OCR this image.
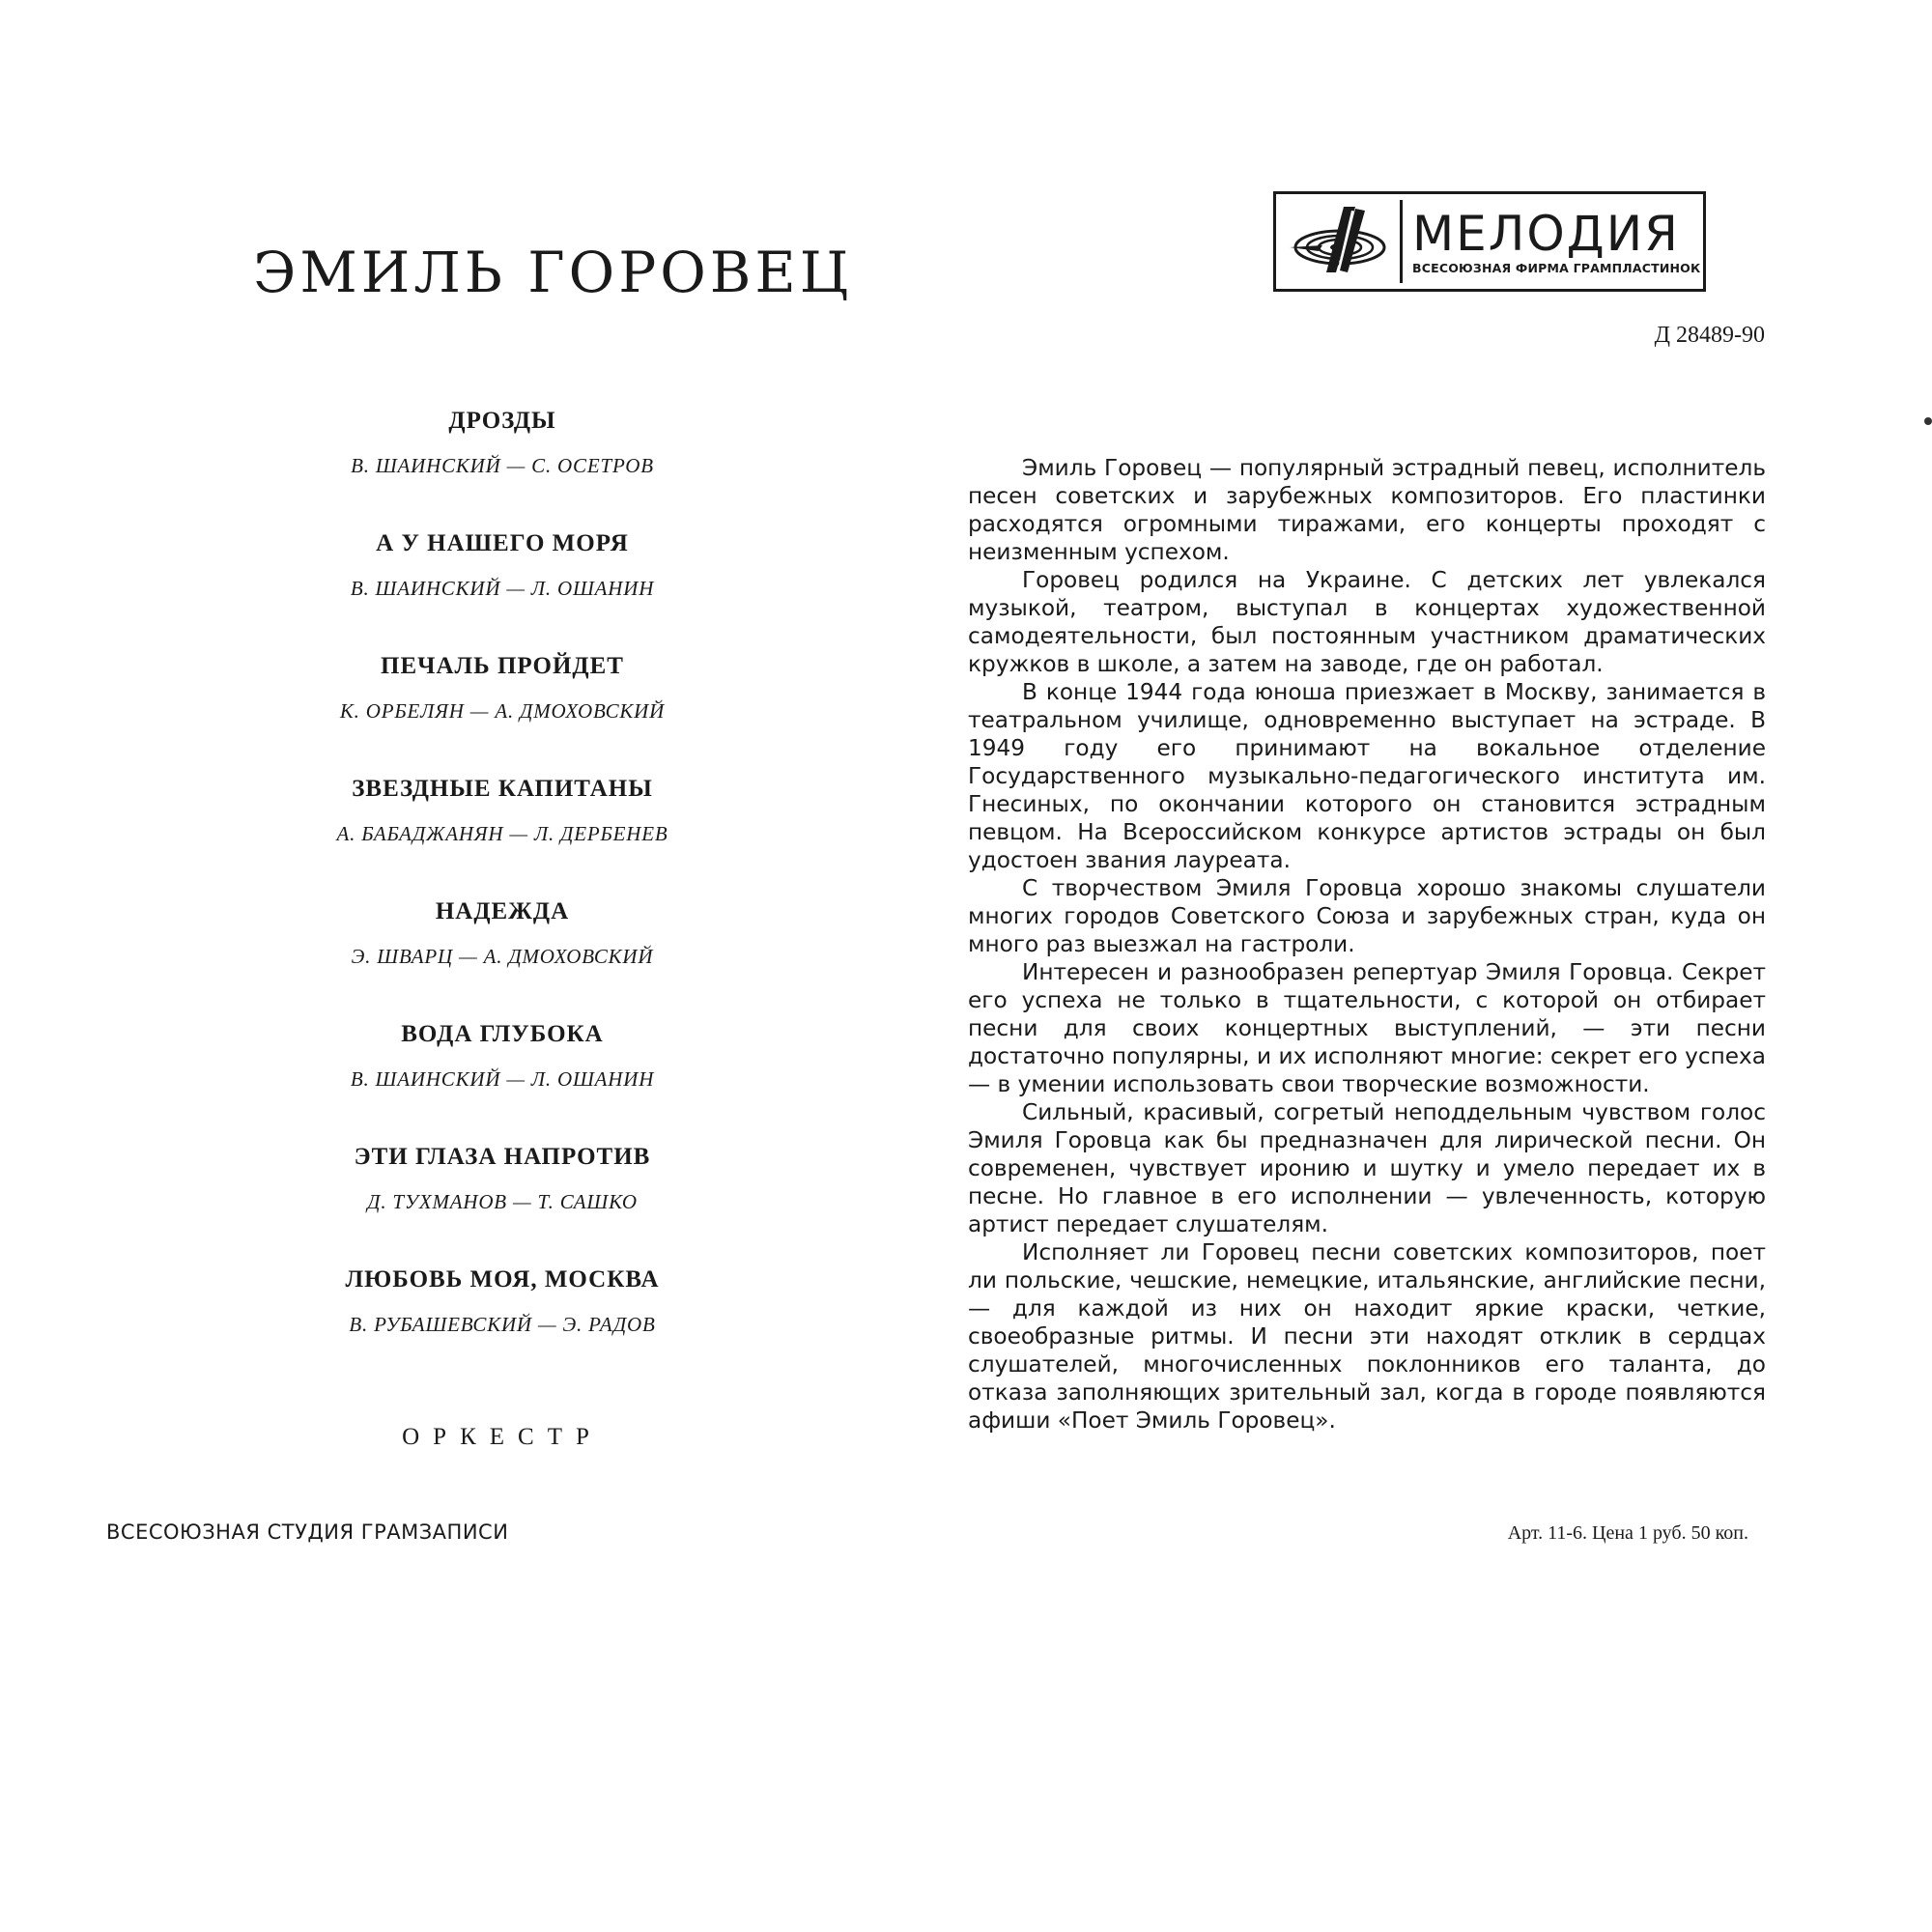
ЭМИЛЬ ГОРОВЕЦ
МЕЛОДИЯ
ВСЕСОЮЗНАЯ ФИРМА ГРАМПЛАСТИНОК
Д 28489-90
ДРОЗДЫ
В. ШАИНСКИЙ — С. ОСЕТРОВ
А У НАШЕГО МОРЯ
В. ШАИНСКИЙ — Л. ОШАНИН
ПЕЧАЛЬ ПРОЙДЕТ
К. ОРБЕЛЯН — А. ДМОХОВСКИЙ
ЗВЕЗДНЫЕ КАПИТАНЫ
А. БАБАДЖАНЯН — Л. ДЕРБЕНЕВ
НАДЕЖДА
Э. ШВАРЦ — А. ДМОХОВСКИЙ
ВОДА ГЛУБОКА
В. ШАИНСКИЙ — Л. ОШАНИН
ЭТИ ГЛАЗА НАПРОТИВ
Д. ТУХМАНОВ — Т. САШКО
ЛЮБОВЬ МОЯ, МОСКВА
В. РУБАШЕВСКИЙ — Э. РАДОВ
ОРКЕСТР
ВСЕСОЮЗНАЯ СТУДИЯ ГРАМЗАПИСИ	Арт. 11-6. Цена 1 руб. 50 коп.

Эмиль Горовец — популярный эстрадный певец, исполнитель песен советских и зарубежных композиторов. Его пластинки расходятся огромными тиражами, его концерты проходят с неизменным успехом.

Горовец родился на Украине. С детских лет увлекался музыкой, театром, выступал в концертах художественной самодеятельности, был постоянным участником драматических кружков в школе, а затем на заводе, где он работал.

В конце 1944 года юноша приезжает в Москву, занимается в театральном училище, одновременно выступает на эстраде. В 1949 году его принимают на вокальное отделение Государственного музыкально-педагогического института им. Гнесиных, по окончании которого он становится эстрадным певцом. На Всероссийском конкурсе артистов эстрады он был удостоен звания лауреата.

С творчеством Эмиля Горовца хорошо знакомы слушатели многих городов Советского Союза и зарубежных стран, куда он много раз выезжал на гастроли.

Интересен и разнообразен репертуар Эмиля Горовца. Секрет его успеха не только в тщательности, с которой он отбирает песни для своих концертных выступлений, — эти песни достаточно популярны, и их исполняют многие: секрет его успеха — в умении использовать свои творческие возможности.

Сильный, красивый, согретый неподдельным чувством голос Эмиля Горовца как бы предназначен для лирической песни. Он современен, чувствует иронию и шутку и умело передает их в песне. Но главное в его исполнении — увлеченность, которую артист передает слушателям.

Исполняет ли Горовец песни советских композиторов, поет ли польские, чешские, немецкие, итальянские, английские песни, — для каждой из них он находит яркие краски, четкие, своеобразные ритмы. И песни эти находят отклик в сердцах слушателей, многочисленных поклонников его таланта, до отказа заполняющих зрительный зал, когда в городе появляются афиши «Поет Эмиль Горовец».
